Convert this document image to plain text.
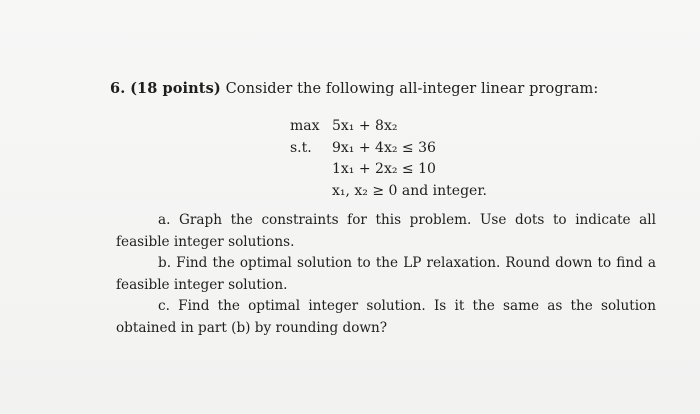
6. (18 points) Consider the following all-integer linear program:
max 5x₁ + 8x₂
s.t.	9x₁ + 4x₂ ≤ 36
1x₁ + 2x₂ ≤ 10
x₁, x₂ ≥ 0 and integer.

a. Graph the constraints for this problem. Use dots to indicate all feasible integer solutions.

b. Find the optimal solution to the LP relaxation. Round down to find a feasible integer solution.

c. Find the optimal integer solution. Is it the same as the solution obtained in part (b) by rounding down?
